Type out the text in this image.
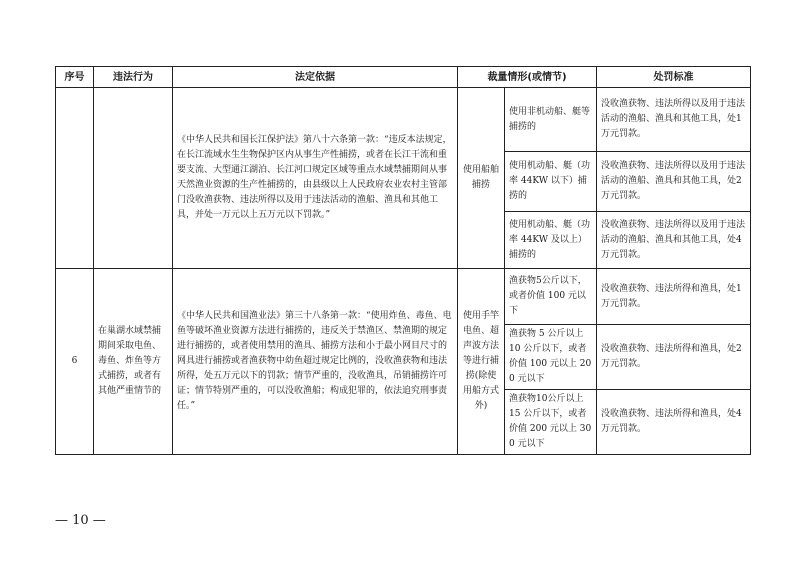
序号	违法行为	法定依据	裁量情形(或情节)		处罚标准
		《中华人民共和国长江保护法》第八十六条第一款：“违反本法规定，在长江流域水生生物保护区内从事生产性捕捞，或者在长江干流和重要支流、大型通江湖泊、长江河口规定区域等重点水域禁捕期间从事天然渔业资源的生产性捕捞的，由县级以上人民政府农业农村主管部门没收渔获物、违法所得以及用于违法活动的渔船、渔具和其他工具，并处一万元以上五万元以下罚款。”	使用船舶捕捞	使用非机动船、艇等捕捞的	没收渔获物、违法所得以及用于违法活动的渔船、渔具和其他工具，处1万元罚款。
				使用机动船、艇（功率 44KW 以下）捕捞的	没收渔获物、违法所得以及用于违法活动的渔船、渔具和其他工具，处2万元罚款。
				使用机动船、艇（功率 44KW 及以上）捕捞的	没收渔获物、违法所得以及用于违法活动的渔船、渔具和其他工具，处4万元罚款。
6	在巢湖水域禁捕期间采取电鱼、毒鱼、炸鱼等方式捕捞，或者有其他严重情节的	《中华人民共和国渔业法》第三十八条第一款：“使用炸鱼、毒鱼、电鱼等破坏渔业资源方法进行捕捞的，违反关于禁渔区、禁渔期的规定进行捕捞的，或者使用禁用的渔具、捕捞方法和小于最小网目尺寸的网具进行捕捞或者渔获物中幼鱼超过规定比例的，没收渔获物和违法所得，处五万元以下的罚款；情节严重的，没收渔具，吊销捕捞许可证；情节特别严重的，可以没收渔船；构成犯罪的，依法追究刑事责任。”	使用手竿电鱼、超声波方法等进行捕捞(除使用船方式外)	渔获物5公斤以下，或者价值 100 元以下	没收渔获物、违法所得和渔具，处1万元罚款。
				渔获物 5 公斤以上 10 公斤以下，或者价值 100 元以上 200 元以下	没收渔获物、违法所得和渔具，处2万元罚款。
				渔获物10公斤以上 15 公斤以下，或者价值 200 元以上 300 元以下	没收渔获物、违法所得和渔具，处4万元罚款。
— 10 —
